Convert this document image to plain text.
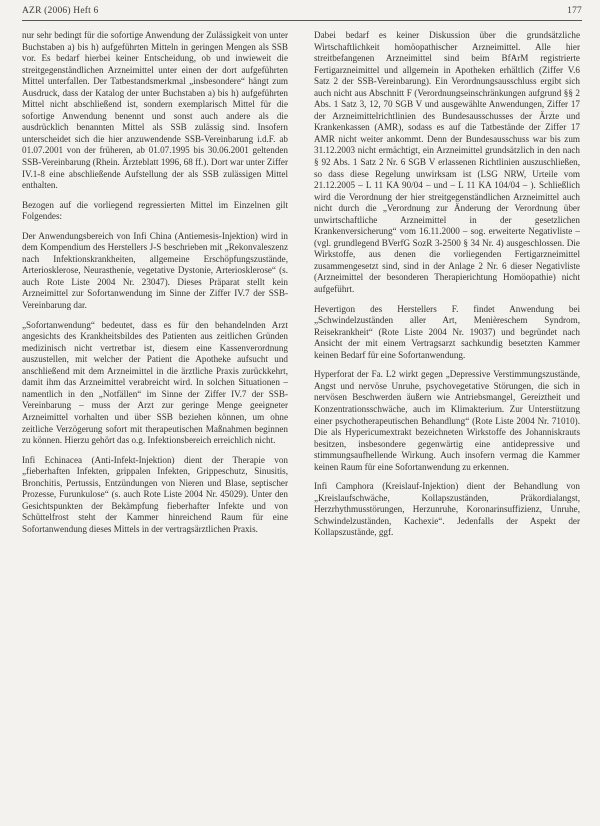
AZR (2006) Heft 6	177

nur sehr bedingt für die sofortige Anwendung der Zulässigkeit von unter Buchstaben a) bis h) aufgeführten Mitteln in geringen Mengen als SSB vor. Es bedarf hierbei keiner Entscheidung, ob und inwieweit die streitgegenständlichen Arzneimittel unter einen der dort aufgeführten Mittel unterfallen. Der Tatbestandsmerkmal „insbesondere“ hängt zum Ausdruck, dass der Katalog der unter Buchstaben a) bis h) aufgeführten Mittel nicht abschließend ist, sondern exemplarisch Mittel für die sofortige Anwendung benennt und sonst auch andere als die ausdrücklich benannten Mittel als SSB zulässig sind. Insofern unterscheidet sich die hier anzuwendende SSB-Vereinbarung i.d.F. ab 01.07.2001 von der früheren, ab 01.07.1995 bis 30.06.2001 geltenden SSB-Vereinbarung (Rhein. Ärzteblatt 1996, 68 ff.). Dort war unter Ziffer IV.1-8 eine abschließende Aufstellung der als SSB zulässigen Mittel enthalten.

Bezogen auf die vorliegend regressierten Mittel im Einzelnen gilt Folgendes:

Der Anwendungsbereich von Infi China (Antiemesis-Injektion) wird in dem Kompendium des Herstellers J-S beschrieben mit „Rekonvaleszenz nach Infektionskrankheiten, allgemeine Erschöpfungszustände, Arteriosklerose, Neurasthenie, vegetative Dystonie, Arteriosklerose“ (s. auch Rote Liste 2004 Nr. 23047). Dieses Präparat stellt kein Arzneimittel zur Sofortanwendung im Sinne der Ziffer IV.7 der SSB-Vereinbarung dar.

„Sofortanwendung“ bedeutet, dass es für den behandelnden Arzt angesichts des Krankheitsbildes des Patienten aus zeitlichen Gründen medizinisch nicht vertretbar ist, diesem eine Kassenverordnung auszustellen, mit welcher der Patient die Apotheke aufsucht und anschließend mit dem Arzneimittel in die ärztliche Praxis zurückkehrt, damit ihm das Arzneimittel verabreicht wird. In solchen Situationen – namentlich in den „Notfällen“ im Sinne der Ziffer IV.7 der SSB-Vereinbarung – muss der Arzt zur geringe Menge geeigneter Arzneimittel vorhalten und über SSB beziehen können, um ohne zeitliche Verzögerung sofort mit therapeutischen Maßnahmen beginnen zu können. Hierzu gehört das o.g. Infektionsbereich erreichlich nicht.

Infi Echinacea (Anti-Infekt-Injektion) dient der Therapie von „fieberhaften Infekten, grippalen Infekten, Grippeschutz, Sinusitis, Bronchitis, Pertussis, Entzündungen von Nieren und Blase, septischer Prozesse, Furunkulose“ (s. auch Rote Liste 2004 Nr. 45029). Unter den Gesichtspunkten der Bekämpfung fieberhafter Infekte und von Schüttelfrost steht der Kammer hinreichend Raum für eine Sofortanwendung dieses Mittels in der vertragsärztlichen Praxis.

Dabei bedarf es keiner Diskussion über die grundsätzliche Wirtschaftlichkeit homöopathischer Arzneimittel. Alle hier streitbefangenen Arzneimittel sind beim BfArM registrierte Fertigarzneimittel und allgemein in Apotheken erhältlich (Ziffer V.6 Satz 2 der SSB-Vereinbarung). Ein Verordnungsausschluss ergibt sich auch nicht aus Abschnitt F (Verordnungseinschränkungen aufgrund §§ 2 Abs. 1 Satz 3, 12, 70 SGB V und ausgewählte Anwendungen, Ziffer 17 der Arzneimittelrichtlinien des Bundesausschusses der Ärzte und Krankenkassen (AMR), sodass es auf die Tatbestände der Ziffer 17 AMR nicht weiter ankommt. Denn der Bundesausschuss war bis zum 31.12.2003 nicht ermächtigt, ein Arzneimittel grundsätzlich in den nach § 92 Abs. 1 Satz 2 Nr. 6 SGB V erlassenen Richtlinien auszuschließen, so dass diese Regelung unwirksam ist (LSG NRW, Urteile vom 21.12.2005 – L 11 KA 90/04 – und – L 11 KA 104/04 – ). Schließlich wird die Verordnung der hier streitgegenständlichen Arzneimittel auch nicht durch die „Verordnung zur Änderung der Verordnung über unwirtschaftliche Arzneimittel in der gesetzlichen Krankenversicherung“ vom 16.11.2000 – sog. erweiterte Negativliste – (vgl. grundlegend BVerfG SozR 3-2500 § 34 Nr. 4) ausgeschlossen. Die Wirkstoffe, aus denen die vorliegenden Fertigarzneimittel zusammengesetzt sind, sind in der Anlage 2 Nr. 6 dieser Negativliste (Arzneimittel der besonderen Therapierichtung Homöopathie) nicht aufgeführt.

Hevertigon des Herstellers F. findet Anwendung bei „Schwindelzuständen aller Art, Menièreschem Syndrom, Reisekrankheit“ (Rote Liste 2004 Nr. 19037) und begründet nach Ansicht der mit einem Vertragsarzt sachkundig besetzten Kammer keinen Bedarf für eine Sofortanwendung.

Hyperforat der Fa. L2 wirkt gegen „Depressive Verstimmungszustände, Angst und nervöse Unruhe, psychovegetative Störungen, die sich in nervösen Beschwerden äußern wie Antriebsmangel, Gereiztheit und Konzentrationsschwäche, auch im Klimakterium. Zur Unterstützung einer psychotherapeutischen Behandlung“ (Rote Liste 2004 Nr. 71010). Die als Hypericumextrakt bezeichneten Wirkstoffe des Johanniskrauts besitzen, insbesondere gegenwärtig eine antidepressive und stimmungsaufhellende Wirkung. Auch insofern vermag die Kammer keinen Raum für eine Sofortanwendung zu erkennen.

Infi Camphora (Kreislauf-Injektion) dient der Behandlung von „Kreislaufschwäche, Kollapszuständen, Präkordialangst, Herzrhythmusstörungen, Herzunruhe, Koronarinsuffizienz, Unruhe, Schwindelzuständen, Kachexie“. Jedenfalls der Aspekt der Kollapszustände, ggf.
